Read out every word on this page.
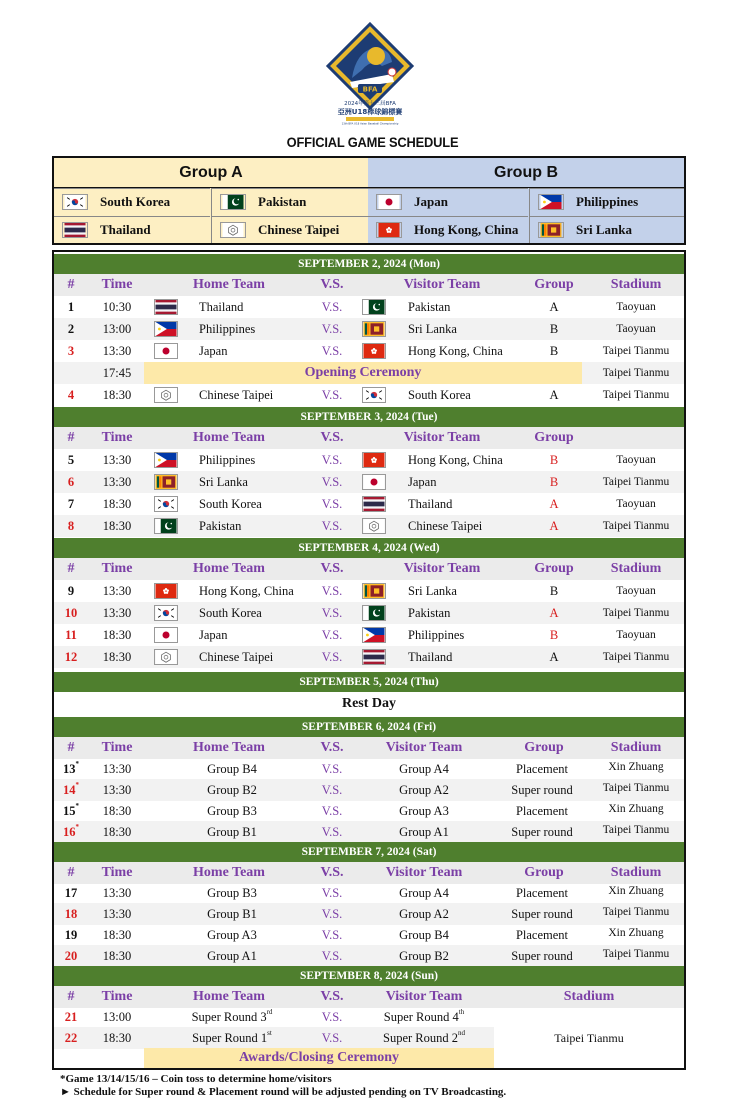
BFA
2024年第十三屆BFA
亞洲U18棒球錦標賽
13th BFA U18 Asian Baseball Championship
OFFICIAL GAME SCHEDULE
Group A
South Korea	Pakistan
Thailand	Chinese Taipei
Group B
Japan	Philippines
Hong Kong, China	Sri Lanka
SEPTEMBER 2, 2024 (Mon)
#	Time	Home Team	V.S.	Visitor Team	Group	Stadium
1	10:30	Thailand	V.S.	Pakistan	A	Taoyuan
2	13:00	Philippines	V.S.	Sri Lanka	B	Taoyuan
3	13:30	Japan	V.S.	Hong Kong, China	B	Taipei Tianmu
17:45	Opening Ceremony	Taipei Tianmu
4	18:30	Chinese Taipei	V.S.	South Korea	A	Taipei Tianmu
SEPTEMBER 3, 2024 (Tue)
#	Time	Home Team	V.S.	Visitor Team	Group
5	13:30	Philippines	V.S.	Hong Kong, China	B	Taoyuan
6	13:30	Sri Lanka	V.S.	Japan	B	Taipei Tianmu
7	18:30	South Korea	V.S.	Thailand	A	Taoyuan
8	18:30	Pakistan	V.S.	Chinese Taipei	A	Taipei Tianmu
SEPTEMBER 4, 2024 (Wed)
#	Time	Home Team	V.S.	Visitor Team	Group	Stadium
9	13:30	Hong Kong, China	V.S.	Sri Lanka	B	Taoyuan
10	13:30	South Korea	V.S.	Pakistan	A	Taipei Tianmu
11	18:30	Japan	V.S.	Philippines	B	Taoyuan
12	18:30	Chinese Taipei	V.S.	Thailand	A	Taipei Tianmu
SEPTEMBER 5, 2024 (Thu)
Rest Day
SEPTEMBER 6, 2024 (Fri)
#	Time	Home Team	V.S.	Visitor Team	Group	Stadium
13*	13:30	Group B4	V.S.	Group A4	Placement	Xin Zhuang
14*	13:30	Group B2	V.S.	Group A2	Super round	Taipei Tianmu
15*	18:30	Group B3	V.S.	Group A3	Placement	Xin Zhuang
16*	18:30	Group B1	V.S.	Group A1	Super round	Taipei Tianmu
SEPTEMBER 7, 2024 (Sat)
#	Time	Home Team	V.S.	Visitor Team	Group	Stadium
17	13:30	Group B3	V.S.	Group A4	Placement	Xin Zhuang
18	13:30	Group B1	V.S.	Group A2	Super round	Taipei Tianmu
19	18:30	Group A3	V.S.	Group B4	Placement	Xin Zhuang
20	18:30	Group A1	V.S.	Group B2	Super round	Taipei Tianmu
SEPTEMBER 8, 2024 (Sun)
#	Time	Home Team	V.S.	Visitor Team	Stadium
21	13:00	Super Round 3rd	V.S.	Super Round 4th
22	18:30	Super Round 1st	V.S.	Super Round 2nd	Taipei Tianmu
Awards/Closing Ceremony
*Game 13/14/15/16 – Coin toss to determine home/visitors
► Schedule for Super round & Placement round will be adjusted pending on TV Broadcasting.
